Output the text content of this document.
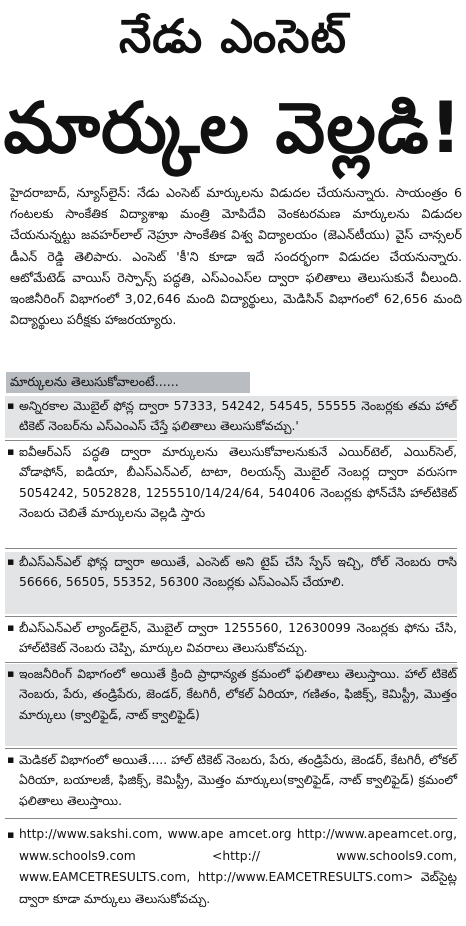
నేడు ఎంసెట్
మార్కుల వెల్లడి!

హైదరాబాద్, న్యూస్‌లైన్: నేడు ఎంసెట్ మార్కులను విడుదల చేయనున్నారు. సాయంత్రం 6 గంటలకు సాంకేతిక విద్యాశాఖ మంత్రి మోపిదేవి వెంకటరమణ మార్కులను విడుదల చేయనున్నట్టు జవహర్‌లాల్ నెహ్రూ సాంకేతిక విశ్వ విద్యాలయం (జెఎన్‌టీయు) వైస్ చాన్సలర్ డీఎన్ రెడ్డి తెలిపారు. ఎంసెట్ 'కీ'ని కూడా ఇదే సందర్భంగా విడుదల చేయనున్నారు. ఆటోమేటెడ్ వాయిస్ రెస్పాన్స్ పద్ధతి, ఎస్ఎంఎస్‌ల ద్వారా ఫలితాలు తెలుసుకునే వీలుంది. ఇంజినీరింగ్ విభాగంలో 3,02,646 మంది విద్యార్థులు, మెడిసిన్ విభాగంలో 62,656 మంది విద్యార్థులు పరీక్షకు హాజరయ్యారు.

మార్కులను తెలుసుకోవాలంటే......
▪ అన్నిరకాల మొబైల్ ఫోన్ల ద్వారా 57333, 54242, 54545, 55555 నెంబర్లకు తమ హాల్ టికెట్ నెంబర్‌ను ఎస్ఎంఎస్ చేస్తే ఫలితాలు తెలుసుకోవచ్చు.'
▪ ఐవీఆర్ఎస్ పద్ధతి ద్వారా మార్కులను తెలుసుకోవాలనుకునే ఎయిర్‌టెల్, ఎయిర్‌సెల్, వోడాఫోన్, ఐడియా, బీఎస్ఎన్ఎల్, టాటా, రిలయన్స్ మొబైల్ నెంబర్ల ద్వారా వరుసగా 5054242, 5052828, 1255510/14/24/64, 540406 నెంబర్లకు ఫోన్‌చేసి హాల్‌టికెట్ నెంబరు చెబితే మార్కులను వెల్లడి స్తారు
▪ బీఎస్ఎన్ఎల్ ఫోన్ల ద్వారా అయితే, ఎంసెట్ అని టైప్ చేసి స్పేస్ ఇచ్చి, రోల్ నెంబరు రాసి 56666, 56505, 55352, 56300 నెంబర్లకు ఎస్ఎంఎస్ చేయాలి.
▪ బీఎస్ఎన్ఎల్ ల్యాండ్‌లైన్, మొబైల్ ద్వారా 1255560, 12630099 నెంబర్లకు ఫోను చేసి, హాల్‌టికెట్ నెంబరు చెప్పి, మార్కుల వివరాలు తెలుసుకోవచ్చు.
▪ ఇంజనీరింగ్ విభాగంలో అయితే క్రింది ప్రాధాన్యత క్రమంలో ఫలితాలు తెలుస్తాయి. హాల్ టికెట్ నెంబరు, పేరు, తండ్రిపేరు, జెండర్, కేటగిరీ, లోకల్ ఏరియా, గణితం, ఫిజిక్స్, కెమిస్ట్రీ, మొత్తం మార్కులు (క్వాలిఫైడ్, నాట్ క్వాలిఫైడ్)
▪ మెడికల్ విభాగంలో అయితే..... హాల్ టికెట్ నెంబరు, పేరు, తండ్రిపేరు, జెండర్, కేటగిరీ, లోకల్ ఏరియా, బయాలజీ, ఫిజిక్స్, కెమిస్ట్రీ, మొత్తం మార్కులు(క్వాలిఫైడ్, నాట్ క్వాలిఫైడ్) క్రమంలో ఫలితాలు తెలుస్తాయి.
▪ http://www.sakshi.com, www.ape amcet.org http://www.apeamcet.org, www.schools9.com <http:// www.schools9.com, www.EAMCETRESULTS.com, http://www.EAMCETRESULTS.com> వెబ్‌సైట్ల ద్వారా కూడా మార్కులు తెలుసుకోవచ్చు.
